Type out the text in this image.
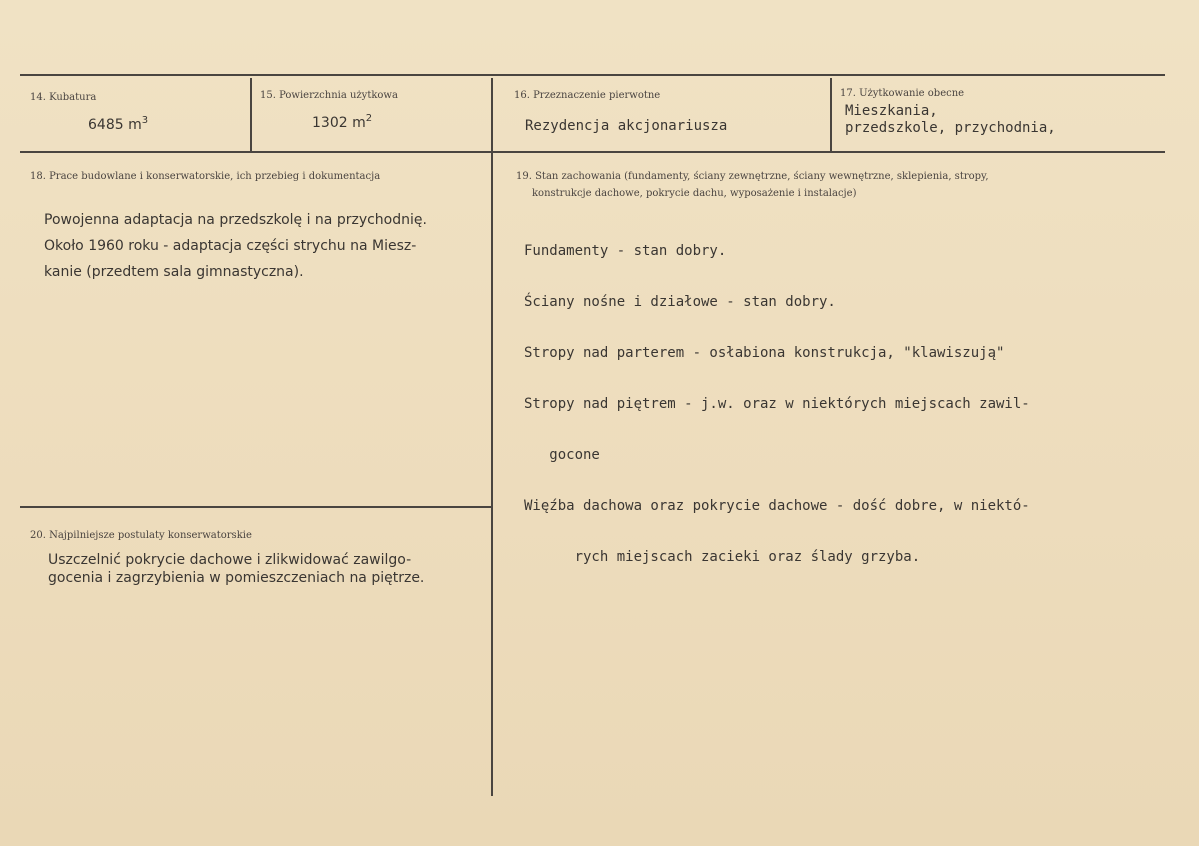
14. Kubatura
6485 $m^3$
15. Powierzchnia użytkowa
1302 $m^2$
16. Przeznaczenie pierwotne
Rezydencja akcjonariusza
17. Użytkowanie obecne
Mieszkania,
przedszkole, przychodnia,
18. Prace budowlane i konserwatorskie, ich przebieg i dokumentacja
Powojenna adaptacja na przedszkolę i na przychodnię.
Około 1960 roku - adaptacja części strychu na Miesz-
kanie (przedtem sala gimnastyczna).
19. Stan zachowania (fundamenty, ściany zewnętrzne, ściany wewnętrzne, sklepienia, stropy,
konstrukcje dachowe, pokrycie dachu, wyposażenie i instalacje)

Fundamenty - stan dobry.

Ściany nośne i działowe - stan dobry.

Stropy nad parterem - osłabiona konstrukcja, "klawiszują"

Stropy nad piętrem - j.w. oraz w niektórych miejscach zawil-

gocone

Więźba dachowa oraz pokrycie dachowe - dość dobre, w niektó-

rych miejscach zacieki oraz ślady grzyba.

20. Najpilniejsze postulaty konserwatorskie
Uszczelnić pokrycie dachowe i zlikwidować zawilgo-
gocenia i zagrzybienia w pomieszczeniach na piętrze.
